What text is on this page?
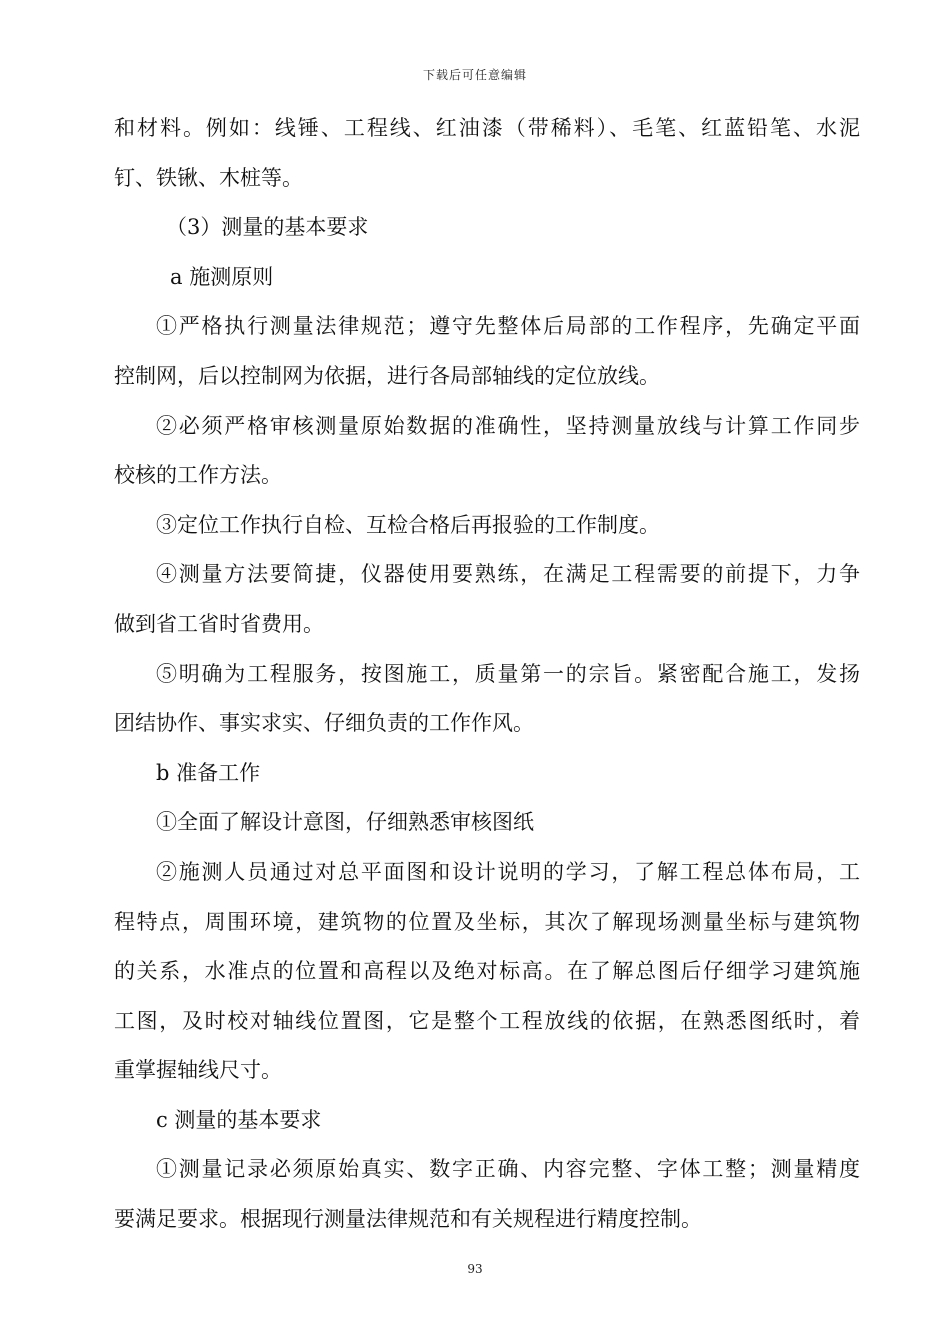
下载后可任意编辑
和材料。例如：线锤、工程线、红油漆（带稀料）、毛笔、红蓝铅笔、水泥
钉、铁锹、木桩等。
（3）测量的基本要求
a 施测原则
①严格执行测量法律规范；遵守先整体后局部的工作程序，先确定平面
控制网，后以控制网为依据，进行各局部轴线的定位放线。
②必须严格审核测量原始数据的准确性，坚持测量放线与计算工作同步
校核的工作方法。
③定位工作执行自检、互检合格后再报验的工作制度。
④测量方法要简捷，仪器使用要熟练，在满足工程需要的前提下，力争
做到省工省时省费用。
⑤明确为工程服务，按图施工，质量第一的宗旨。紧密配合施工，发扬
团结协作、事实求实、仔细负责的工作作风。
b 准备工作
①全面了解设计意图，仔细熟悉审核图纸
②施测人员通过对总平面图和设计说明的学习，了解工程总体布局，工
程特点，周围环境，建筑物的位置及坐标，其次了解现场测量坐标与建筑物
的关系，水准点的位置和高程以及绝对标高。在了解总图后仔细学习建筑施
工图，及时校对轴线位置图，它是整个工程放线的依据，在熟悉图纸时，着
重掌握轴线尺寸。
c 测量的基本要求
①测量记录必须原始真实、数字正确、内容完整、字体工整；测量精度
要满足要求。根据现行测量法律规范和有关规程进行精度控制。
93
